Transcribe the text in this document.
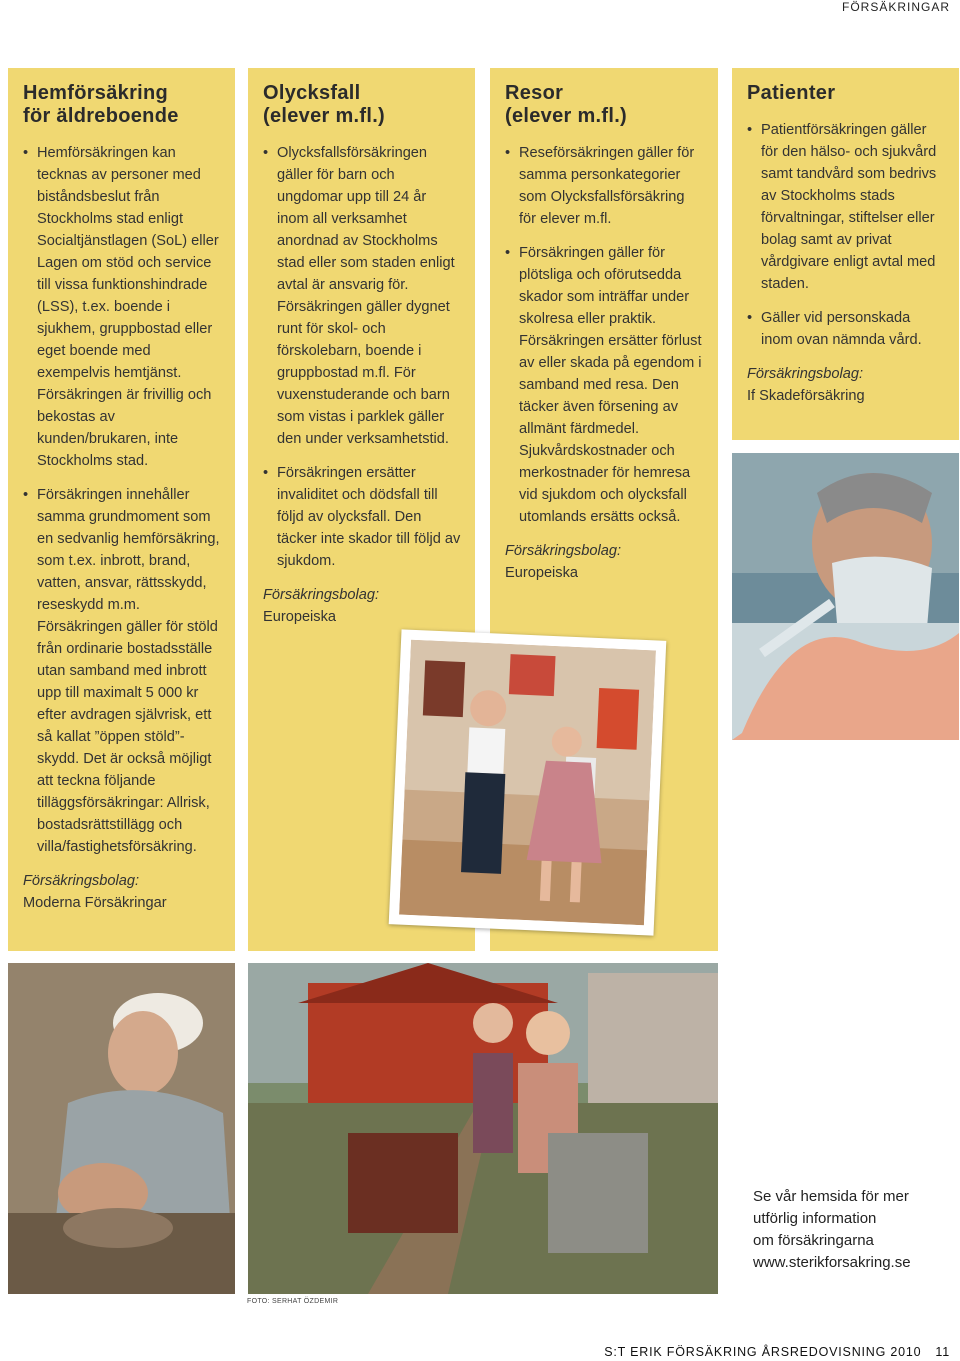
FÖRSÄKRINGAR
Hemförsäkring
för äldreboende
• Hemförsäkringen kan tecknas av personer med biståndsbeslut från Stockholms stad enligt Socialtjänstlagen (SoL) eller Lagen om stöd och service till vissa funktionshindrade (LSS), t.ex. boende i sjukhem, gruppbostad eller eget boende med exempelvis hemtjänst. Försäkringen är frivillig och bekostas av kunden/brukaren, inte Stockholms stad.
• Försäkringen innehåller samma grundmoment som en sedvanlig hemförsäkring, som t.ex. inbrott, brand, vatten, ansvar, rättsskydd, reseskydd m.m. Försäkringen gäller för stöld från ordinarie bostadsställe utan samband med inbrott upp till maximalt 5 000 kr efter avdragen självrisk, ett så kallat ”öppen stöld”-skydd. Det är också möjligt att teckna följande tilläggsförsäkringar: Allrisk, bostadsrättstillägg och villa/fastighetsförsäkring.
Försäkringsbolag:
Moderna Försäkringar
Olycksfall
(elever m.fl.)
• Olycksfallsförsäkringen gäller för barn och ungdomar upp till 24 år inom all verksamhet anordnad av Stockholms stad eller som staden enligt avtal är ansvarig för. Försäkringen gäller dygnet runt för skol- och förskolebarn, boende i gruppbostad m.fl. För vuxenstuderande och barn som vistas i parklek gäller den under verksamhetstid.
• Försäkringen ersätter invaliditet och dödsfall till följd av olycksfall. Den täcker inte skador till följd av sjukdom.
Försäkringsbolag:
Europeiska
Resor
(elever m.fl.)
• Reseförsäkringen gäller för samma personkategorier som Olycksfallsförsäkring för elever m.fl.
• Försäkringen gäller för plötsliga och oförutsedda skador som inträffar under skolresa eller praktik. Försäkringen ersätter förlust av eller skada på egendom i samband med resa. Den täcker även försening av allmänt färdmedel. Sjukvårdskostnader och merkostnader för hemresa vid sjukdom och olycksfall utomlands ersätts också.
Försäkringsbolag:
Europeiska
Patienter
• Patientförsäkringen gäller för den hälso- och sjukvård samt tandvård som bedrivs av Stockholms stads förvaltningar, stiftelser eller bolag samt av privat vårdgivare enligt avtal med staden.
• Gäller vid personskada inom ovan nämnda vård.
Försäkringsbolag:
If Skadeförsäkring
FOTO: SERHAT ÖZDEMIR
Se vår hemsida för mer
utförlig information
om försäkringarna
www.sterikforsakring.se
S:T ERIK FÖRSÄKRING ÅRSREDOVISNING 2010 11
